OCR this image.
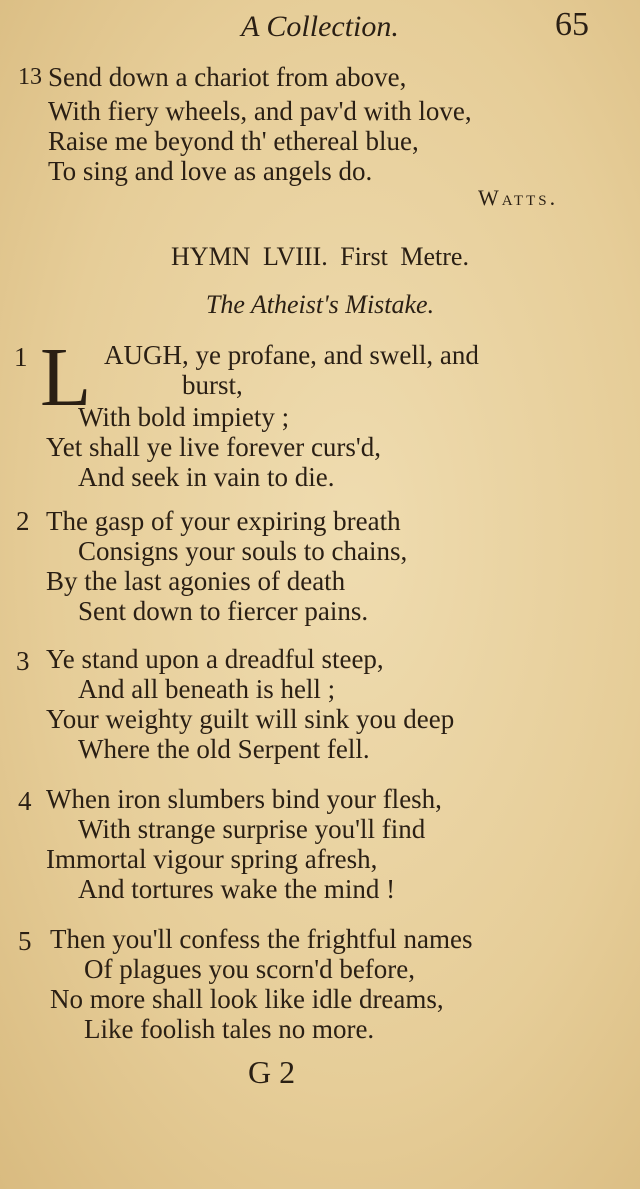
A Collection.	65
13 Send down a chariot from above,
With fiery wheels, and pav'd with love,
Raise me beyond th' ethereal blue,
To sing and love as angels do.
Watts.
HYMN LVIII. First Metre.
The Atheist's Mistake.
1 L AUGH, ye profane, and swell, and
burst,
With bold impiety ;
Yet shall ye live forever curs'd,
And seek in vain to die.
2 The gasp of your expiring breath
Consigns your souls to chains,
By the last agonies of death
Sent down to fiercer pains.
3 Ye stand upon a dreadful steep,
And all beneath is hell ;
Your weighty guilt will sink you deep
Where the old Serpent fell.
4 When iron slumbers bind your flesh,
With strange surprise you'll find
Immortal vigour spring afresh,
And tortures wake the mind !
5 Then you'll confess the frightful names
Of plagues you scorn'd before,
No more shall look like idle dreams,
Like foolish tales no more.
G 2
